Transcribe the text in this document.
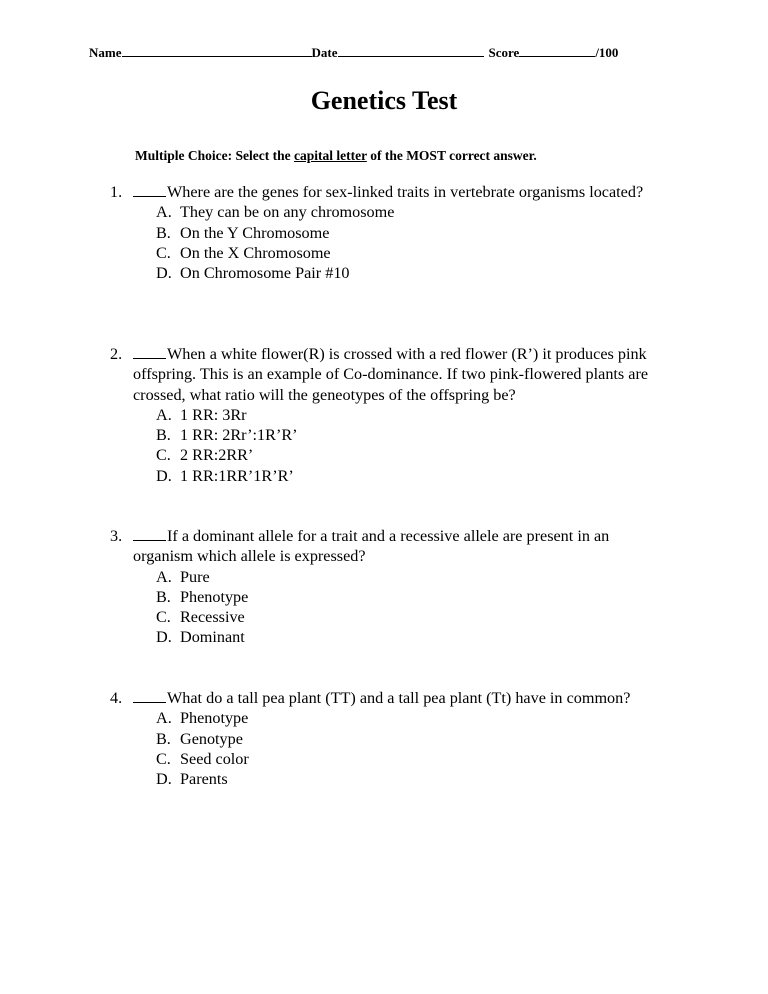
Name	Date	Score	/100
Genetics Test
Multiple Choice: Select the capital letter of the MOST correct answer.
1.	Where are the genes for sex-linked traits in vertebrate organisms located?
A. They can be on any chromosome
B. On the Y Chromosome
C. On the X Chromosome
D. On Chromosome Pair #10
2.	When a white flower(R) is crossed with a red flower (R’) it produces pink offspring. This is an example of Co-dominance. If two pink-flowered plants are crossed, what ratio will the geneotypes of the offspring be?
A. 1 RR: 3Rr
B. 1 RR: 2Rr’:1R’R’
C. 2 RR:2RR’
D. 1 RR:1RR’1R’R’
3.	If a dominant allele for a trait and a recessive allele are present in an organism which allele is expressed?
A. Pure
B. Phenotype
C. Recessive
D. Dominant
4.	What do a tall pea plant (TT) and a tall pea plant (Tt) have in common?
A. Phenotype
B. Genotype
C. Seed color
D. Parents
